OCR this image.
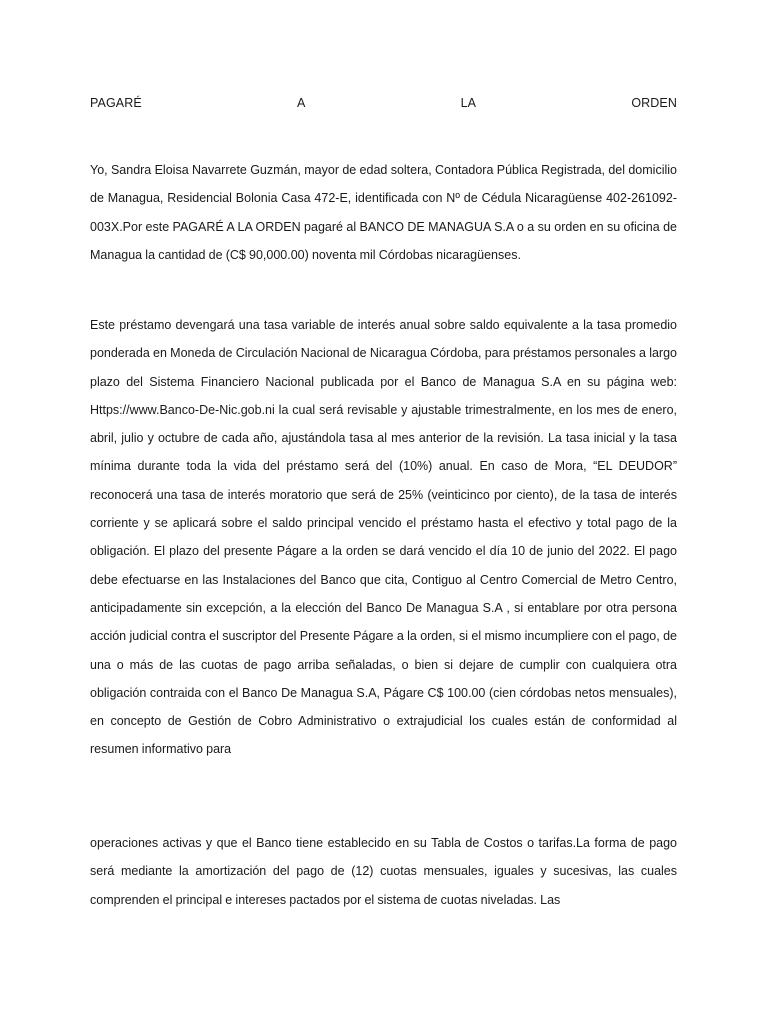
PAGARÉ	A	LA	ORDEN

Yo, Sandra Eloisa Navarrete Guzmán, mayor de edad soltera, Contadora Pública Registrada, del domicilio de Managua, Residencial Bolonia Casa 472-E, identificada con Nº de Cédula Nicaragüense 402-261092-003X.Por este PAGARÉ A LA ORDEN pagaré al BANCO DE MANAGUA S.A o a su orden en su oficina de Managua la cantidad de (C$ 90,000.00) noventa mil Córdobas nicaragüenses.

Este préstamo devengará una tasa variable de interés anual sobre saldo equivalente a la tasa promedio ponderada en Moneda de Circulación Nacional de Nicaragua Córdoba, para préstamos personales a largo plazo del Sistema Financiero Nacional publicada por el Banco de Managua S.A en su página web: Https://www.Banco-De-Nic.gob.ni la cual será revisable y ajustable trimestralmente, en los mes de enero, abril, julio y octubre de cada año, ajustándola tasa al mes anterior de la revisión. La tasa inicial y la tasa mínima durante toda la vida del préstamo será del (10%) anual. En caso de Mora, “EL DEUDOR” reconocerá una tasa de interés moratorio que será de 25% (veinticinco por ciento), de la tasa de interés corriente y se aplicará sobre el saldo principal vencido el préstamo hasta el efectivo y total pago de la obligación. El plazo del presente Págare a la orden se dará vencido el día 10 de junio del 2022. El pago debe efectuarse en las Instalaciones del Banco que cita, Contiguo al Centro Comercial de Metro Centro, anticipadamente sin excepción, a la elección del Banco De Managua S.A , si entablare por otra persona acción judicial contra el suscriptor del Presente Págare a la orden, si el mismo incumpliere con el pago, de una o más de las cuotas de pago arriba señaladas, o bien si dejare de cumplir con cualquiera otra obligación contraida con el Banco De Managua S.A, Págare C$ 100.00 (cien córdobas netos mensuales), en concepto de Gestión de Cobro Administrativo o extrajudicial los cuales están de conformidad al resumen informativo para

operaciones activas y que el Banco tiene establecido en su Tabla de Costos o tarifas.La forma de pago será mediante la amortización del pago de (12) cuotas mensuales, iguales y sucesivas, las cuales comprenden el principal e intereses pactados por el sistema de cuotas niveladas. Las
